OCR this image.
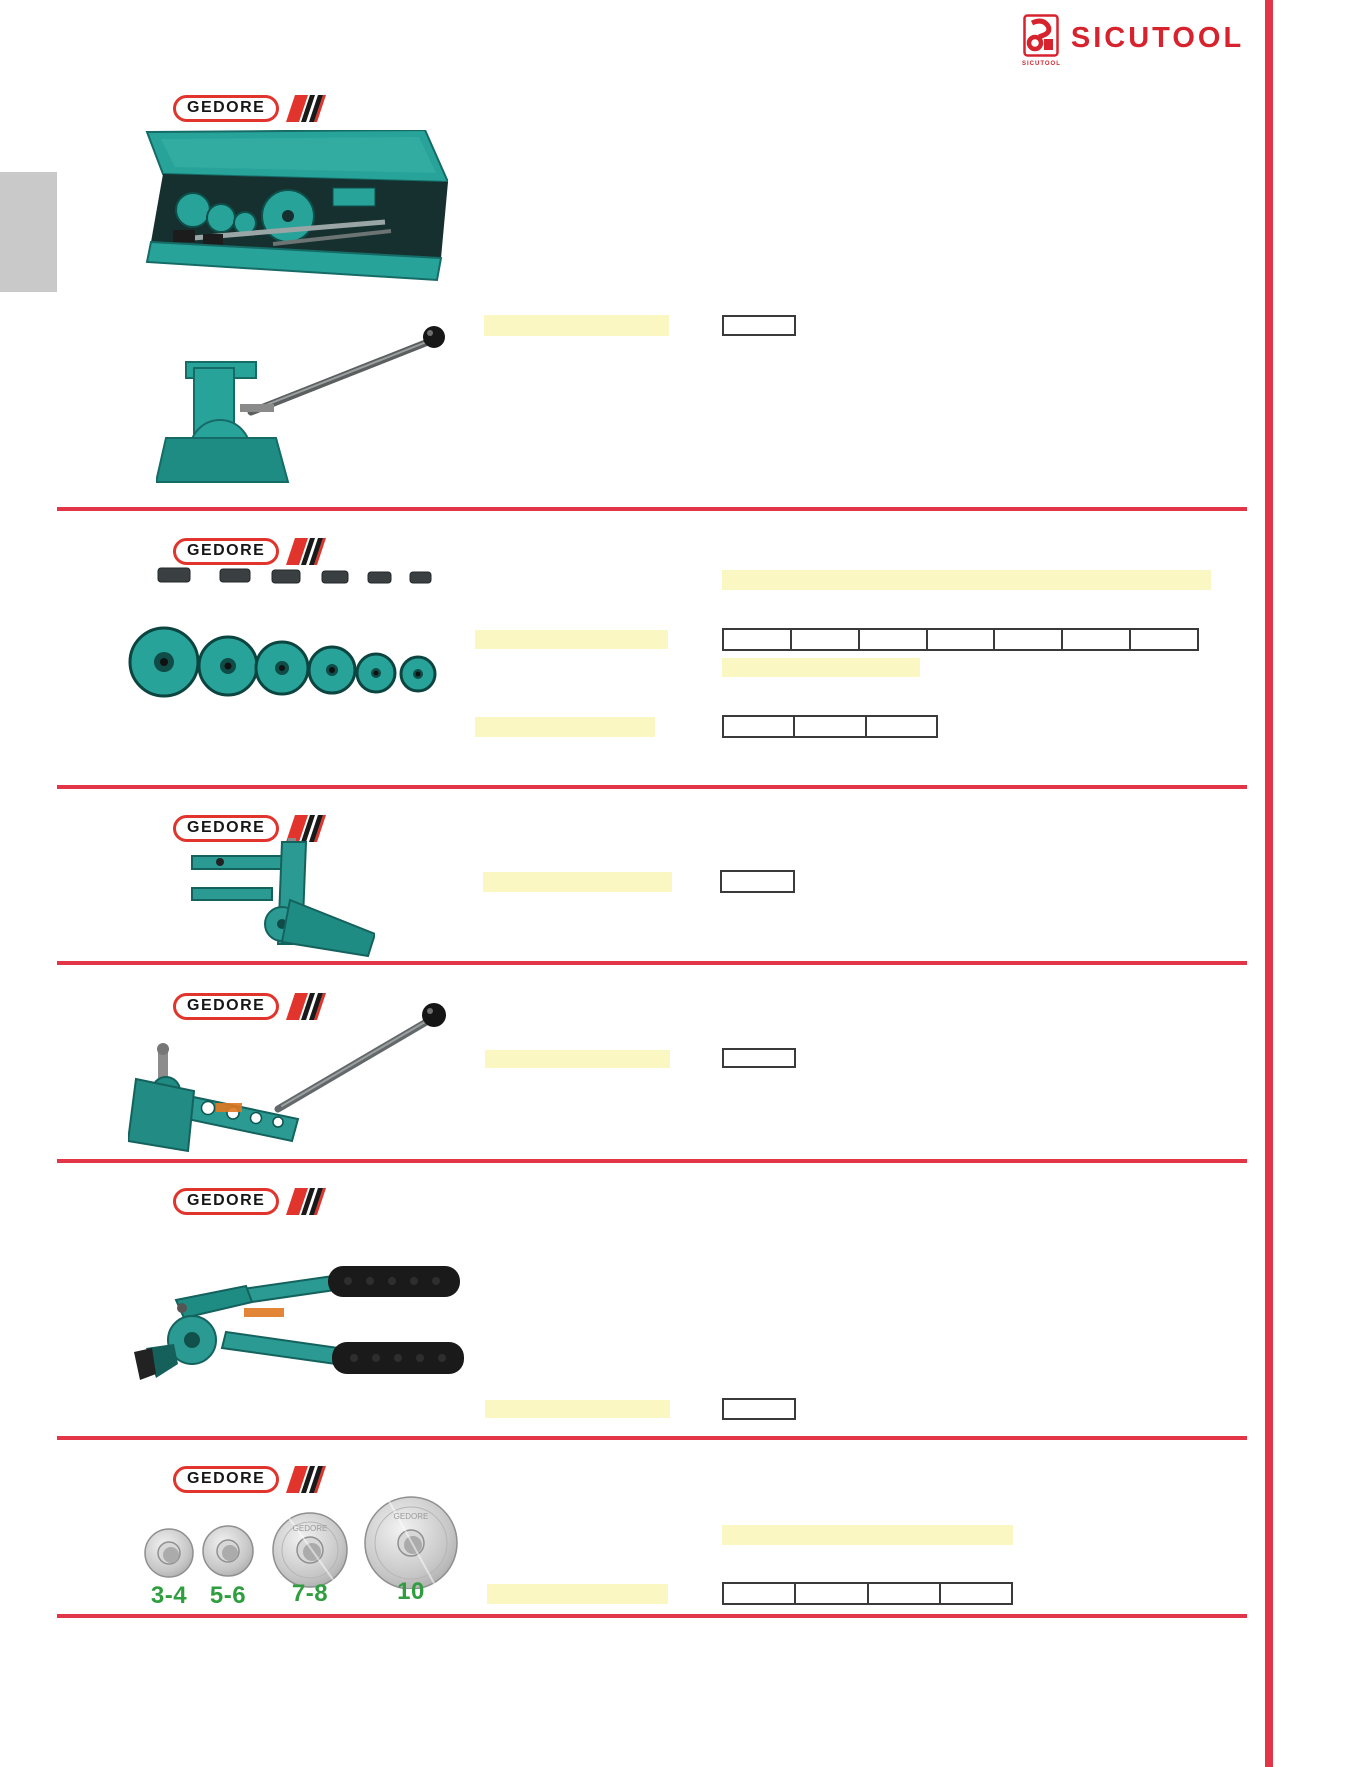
SICUTOOL
SICUTOOL
GEDORE
GEDORE
GEDORE
GEDORE
GEDORE
GEDORE
GEDORE
GEDORE
3-4 5-6 7-8	10
